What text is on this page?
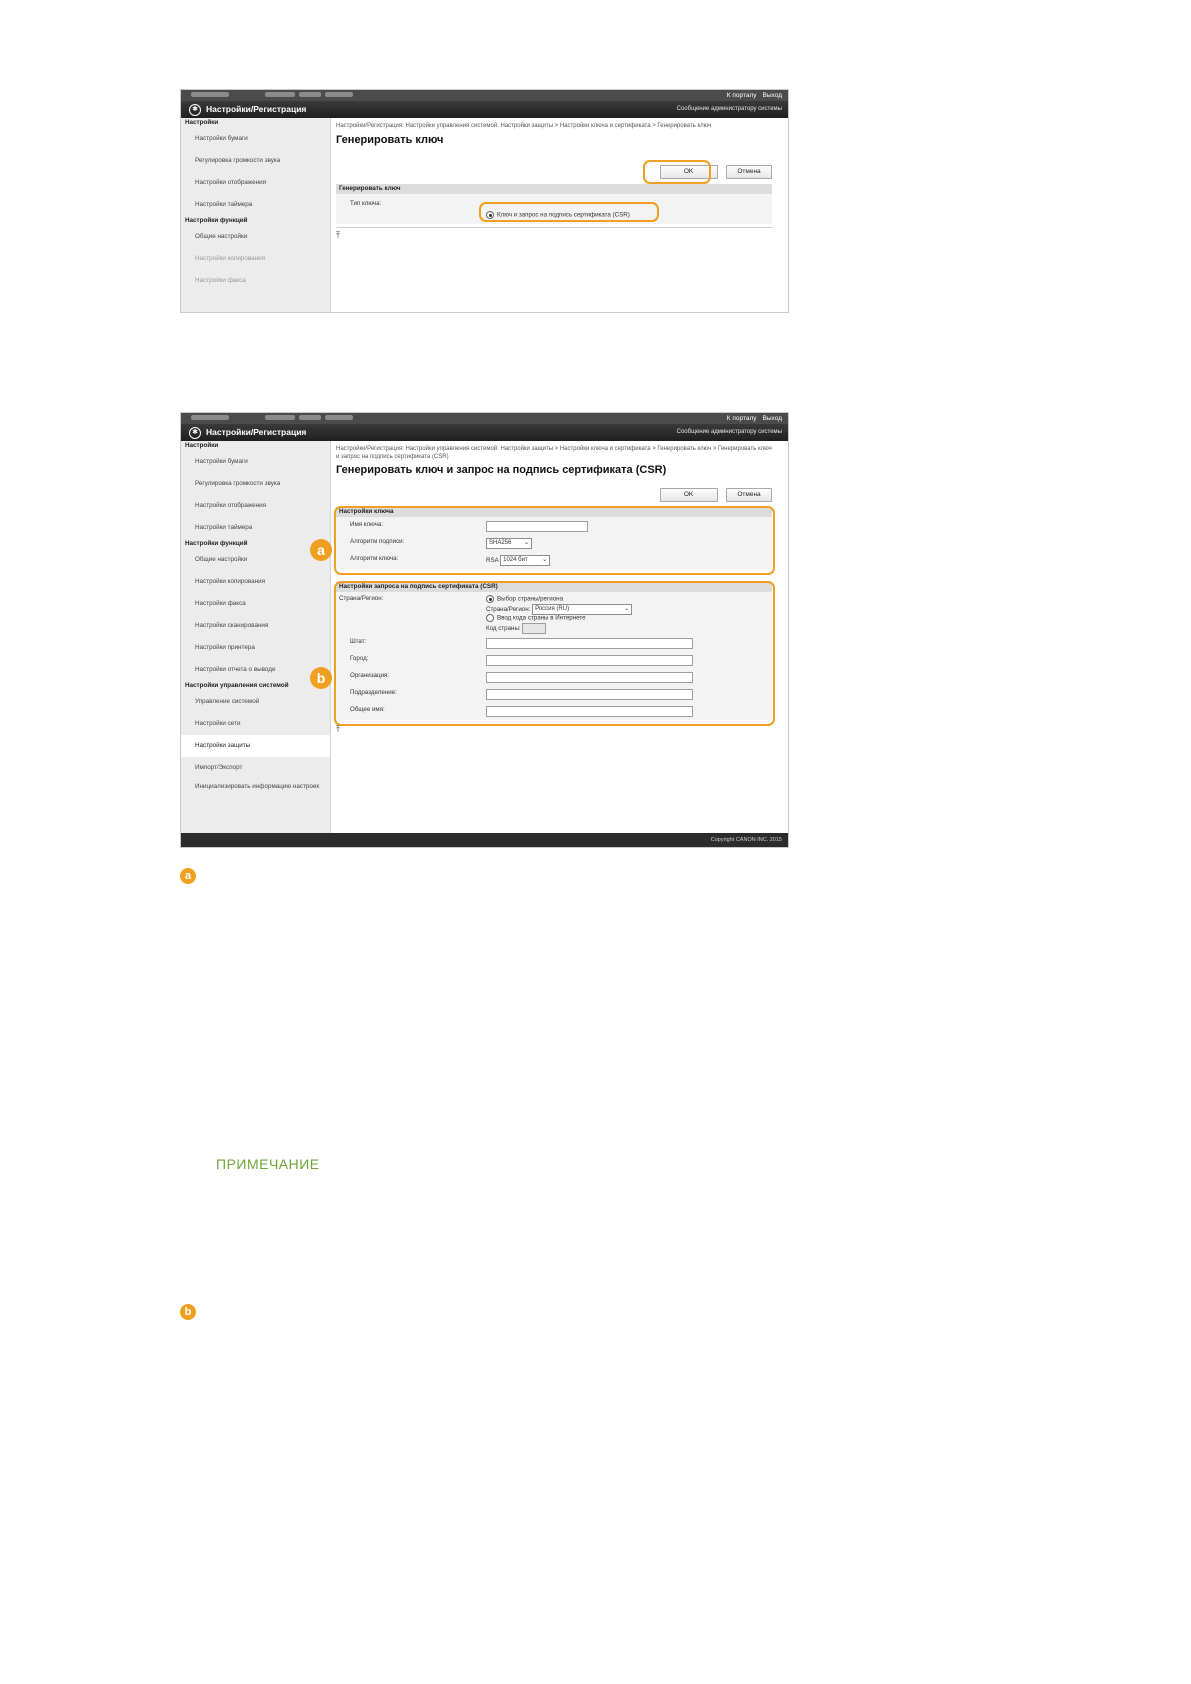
К порталу Выход
✱ Настройки/Регистрация	Сообщение администратору системы
Настройки
Настройки бумаги
Регулировка громкости звука
Настройки отображения
Настройки таймера
Настройки функций
Общие настройки
Настройки копирования
Настройки факса
Настройки/Регистрация: Настройки управления системой: Настройки защиты > Настройки ключа и сертификата > Генерировать ключ
Генерировать ключ
OK	Отмена
Генерировать ключ
Тип ключа:
Ключ и запрос на подпись сертификата (CSR)
⤒
К порталу Выход
✱ Настройки/Регистрация	Сообщение администратору системы
Настройки
Настройки бумаги
Регулировка громкости звука
Настройки отображения
Настройки таймера
Настройки функций
Общие настройки
Настройки копирования
Настройки факса
Настройки сканирования
Настройки принтера
Настройки отчета о выводе
Настройки управления системой
Управление системой
Настройки сети
Настройки защиты
Импорт/Экспорт
Инициализировать информацию настроек
Настройки/Регистрация: Настройки управления системой: Настройки защиты > Настройки ключа и сертификата > Генерировать ключ > Генерировать ключ и запрос на подпись сертификата (CSR)
Генерировать ключ и запрос на подпись сертификата (CSR)
OK	Отмена
Настройки ключа
Имя ключа:
Алгоритм подписи:	SHA256 ⌄
Алгоритм ключа:	RSA 1024 бит ⌄
Настройки запроса на подпись сертификата (CSR)
Страна/Регион:	Выбор страны/региона
Страна/Регион: Россия (RU)	⌄
Ввод кода страны в Интернете
Код страны:
Штат:
Город:
Организация:
Подразделение:
Общее имя:
⤒
Copyright CANON INC. 2015
a
b
a
ПРИМЕЧАНИЕ
b
